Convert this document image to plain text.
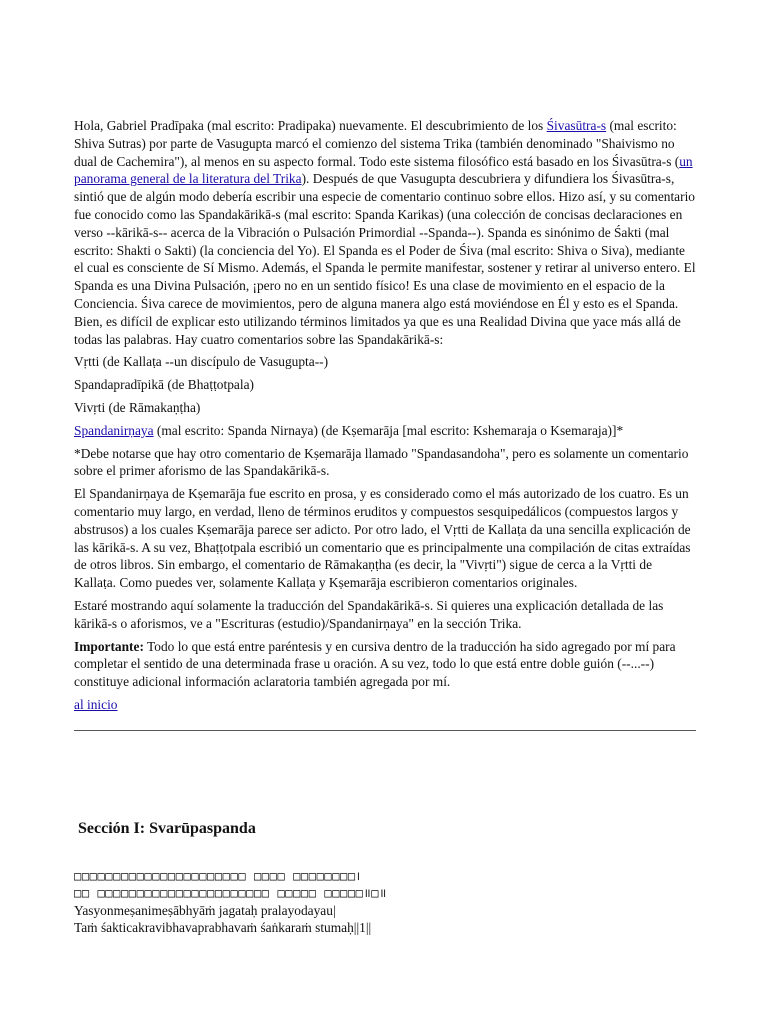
Hola, Gabriel Pradīpaka (mal escrito: Pradipaka) nuevamente. El descubrimiento de los Śivasūtra-s (mal escrito: Shiva Sutras) por parte de Vasugupta marcó el comienzo del sistema Trika (también denominado "Shaivismo no dual de Cachemira"), al menos en su aspecto formal. Todo este sistema filosófico está basado en los Śivasūtra-s (un panorama general de la literatura del Trika). Después de que Vasugupta descubriera y difundiera los Śivasūtra-s, sintió que de algún modo debería escribir una especie de comentario continuo sobre ellos. Hizo así, y su comentario fue conocido como las Spandakārikā-s (mal escrito: Spanda Karikas) (una colección de concisas declaraciones en verso --kārikā-s-- acerca de la Vibración o Pulsación Primordial --Spanda--). Spanda es sinónimo de Śakti (mal escrito: Shakti o Sakti) (la conciencia del Yo). El Spanda es el Poder de Śiva (mal escrito: Shiva o Siva), mediante el cual es consciente de Sí Mismo. Además, el Spanda le permite manifestar, sostener y retirar al universo entero. El Spanda es una Divina Pulsación, ¡pero no en un sentido físico! Es una clase de movimiento en el espacio de la Conciencia. Śiva carece de movimientos, pero de alguna manera algo está moviéndose en Él y esto es el Spanda. Bien, es difícil de explicar esto utilizando términos limitados ya que es una Realidad Divina que yace más allá de todas las palabras. Hay cuatro comentarios sobre las Spandakārikā-s:

Vṛtti (de Kallaṭa --un discípulo de Vasugupta--)

Spandapradīpikā (de Bhaṭṭotpala)

Vivṛti (de Rāmakaṇṭha)

Spandanirṇaya (mal escrito: Spanda Nirnaya) (de Kṣemarāja [mal escrito: Kshemaraja o Ksemaraja)]*

*Debe notarse que hay otro comentario de Kṣemarāja llamado "Spandasandoha", pero es solamente un comentario sobre el primer aforismo de las Spandakārikā-s.

El Spandanirṇaya de Kṣemarāja fue escrito en prosa, y es considerado como el más autorizado de los cuatro. Es un comentario muy largo, en verdad, lleno de términos eruditos y compuestos sesquipedálicos (compuestos largos y abstrusos) a los cuales Kṣemarāja parece ser adicto. Por otro lado, el Vṛtti de Kallaṭa da una sencilla explicación de las kārikā-s. A su vez, Bhaṭṭotpala escribió un comentario que es principalmente una compilación de citas extraídas de otros libros. Sin embargo, el comentario de Rāmakaṇṭha (es decir, la "Vivṛti") sigue de cerca a la Vṛtti de Kallaṭa. Como puedes ver, solamente Kallaṭa y Kṣemarāja escribieron comentarios originales.

Estaré mostrando aquí solamente la traducción del Spandakārikā-s. Si quieres una explicación detallada de las kārikā-s o aforismos, ve a "Escrituras (estudio)/Spandanirṇaya" en la sección Trika.

Importante: Todo lo que está entre paréntesis y en cursiva dentro de la traducción ha sido agregado por mí para completar el sentido de una determinada frase u oración. A su vez, todo lo que está entre doble guión (--...--) constituye adicional información aclaratoria también agregada por mí.

al inicio

Sección I: Svarūpaspanda
□□□□□□□□□□□□□□□□□□□□□□ □□□□ □□□□□□□□।
□□ □□□□□□□□□□□□□□□□□□□□□□ □□□□□ □□□□□॥□॥
Yasyonmeṣanimeṣābhyāṁ jagataḥ pralayodayau|
Taṁ śakticakravibhavaprabhavaṁ śaṅkaraṁ stumaḥ||1||
